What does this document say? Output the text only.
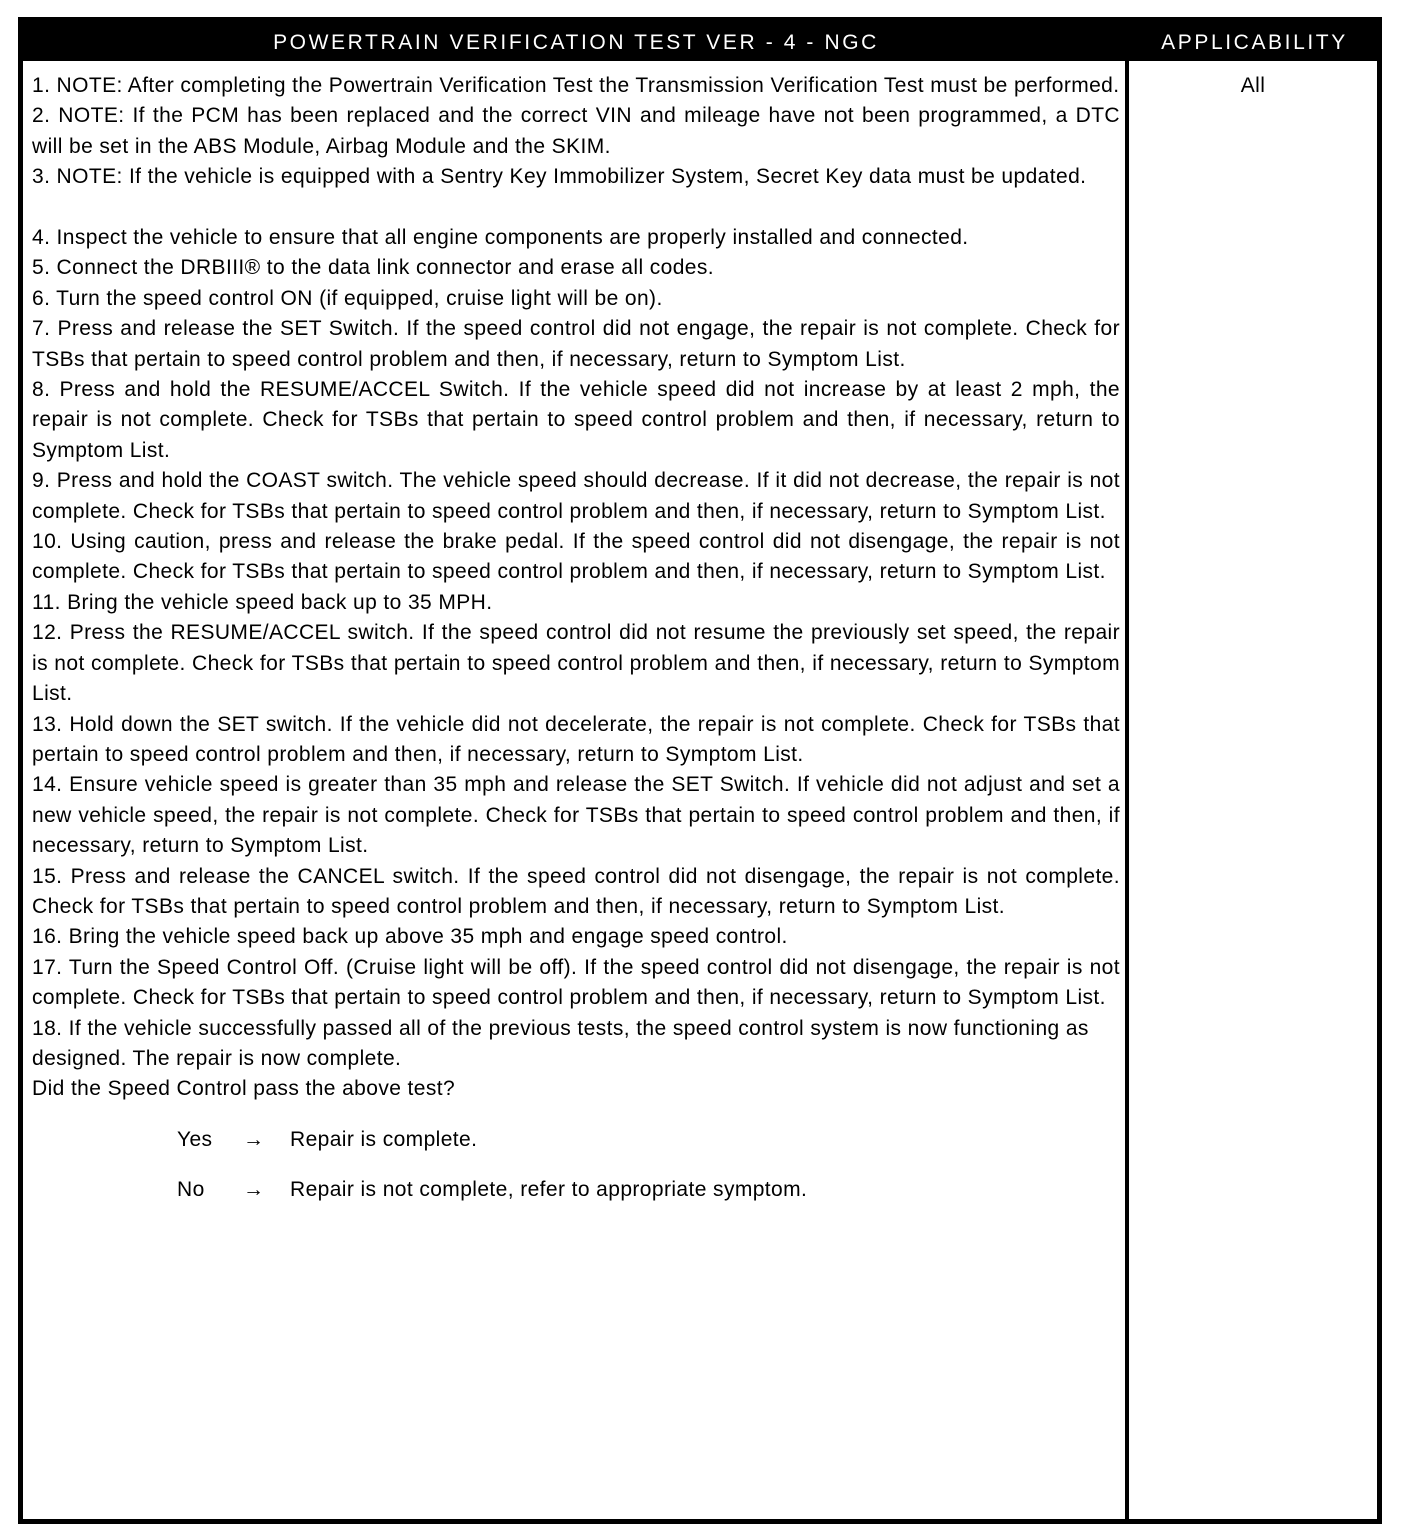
POWERTRAIN VERIFICATION TEST VER - 4 - NGC	APPLICABILITY

1. NOTE: After completing the Powertrain Verification Test the Transmission Verification Test must be performed.

2. NOTE: If the PCM has been replaced and the correct VIN and mileage have not been programmed, a DTC will be set in the ABS Module, Airbag Module and the SKIM.

3. NOTE: If the vehicle is equipped with a Sentry Key Immobilizer System, Secret Key data must be updated.

4. Inspect the vehicle to ensure that all engine components are properly installed and connected.

5. Connect the DRBIII® to the data link connector and erase all codes.

6. Turn the speed control ON (if equipped, cruise light will be on).

7. Press and release the SET Switch. If the speed control did not engage, the repair is not complete. Check for TSBs that pertain to speed control problem and then, if necessary, return to Symptom List.

8. Press and hold the RESUME/ACCEL Switch. If the vehicle speed did not increase by at least 2 mph, the repair is not complete. Check for TSBs that pertain to speed control problem and then, if necessary, return to Symptom List.

9. Press and hold the COAST switch. The vehicle speed should decrease. If it did not decrease, the repair is not complete. Check for TSBs that pertain to speed control problem and then, if necessary, return to Symptom List.

10. Using caution, press and release the brake pedal. If the speed control did not disengage, the repair is not complete. Check for TSBs that pertain to speed control problem and then, if necessary, return to Symptom List.

11. Bring the vehicle speed back up to 35 MPH.

12. Press the RESUME/ACCEL switch. If the speed control did not resume the previously set speed, the repair is not complete. Check for TSBs that pertain to speed control problem and then, if necessary, return to Symptom List.

13. Hold down the SET switch. If the vehicle did not decelerate, the repair is not complete. Check for TSBs that pertain to speed control problem and then, if necessary, return to Symptom List.

14. Ensure vehicle speed is greater than 35 mph and release the SET Switch. If vehicle did not adjust and set a new vehicle speed, the repair is not complete. Check for TSBs that pertain to speed control problem and then, if necessary, return to Symptom List.

15. Press and release the CANCEL switch. If the speed control did not disengage, the repair is not complete. Check for TSBs that pertain to speed control problem and then, if necessary, return to Symptom List.

16. Bring the vehicle speed back up above 35 mph and engage speed control.

17. Turn the Speed Control Off. (Cruise light will be off). If the speed control did not disengage, the repair is not complete. Check for TSBs that pertain to speed control problem and then, if necessary, return to Symptom List.

18. If the vehicle successfully passed all of the previous tests, the speed control system is now functioning as designed. The repair is now complete.

Did the Speed Control pass the above test?

Yes → Repair is complete.
No → Repair is not complete, refer to appropriate symptom.
All
